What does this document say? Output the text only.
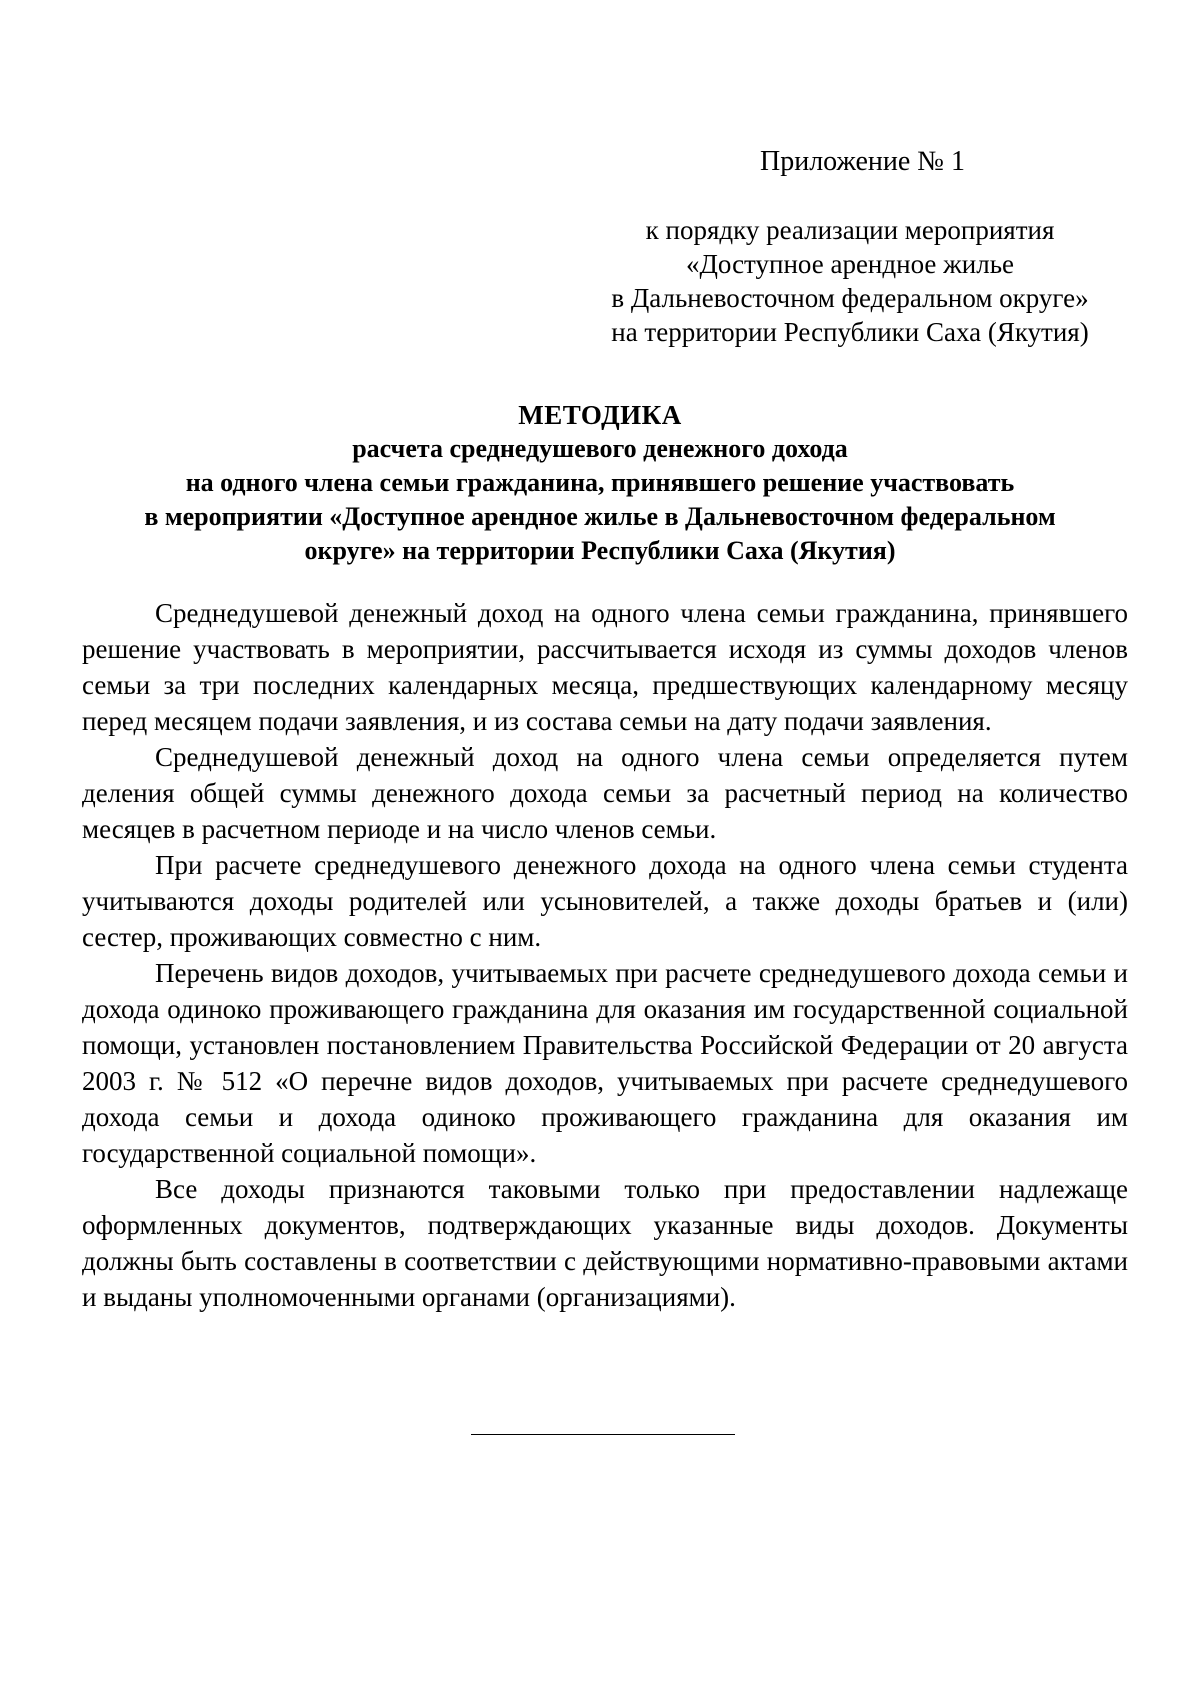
Приложение № 1
к порядку реализации мероприятия
«Доступное арендное жилье
в Дальневосточном федеральном округе»
на территории Республики Саха (Якутия)
МЕТОДИКА
расчета среднедушевого денежного дохода
на одного члена семьи гражданина, принявшего решение участвовать
в мероприятии «Доступное арендное жилье в Дальневосточном федеральном
округе» на территории Республики Саха (Якутия)

Среднедушевой денежный доход на одного члена семьи гражданина, принявшего решение участвовать в мероприятии, рассчитывается исходя из суммы доходов членов семьи за три последних календарных месяца, предшествующих календарному месяцу перед месяцем подачи заявления, и из состава семьи на дату подачи заявления.

Среднедушевой денежный доход на одного члена семьи определяется путем деления общей суммы денежного дохода семьи за расчетный период на количество месяцев в расчетном периоде и на число членов семьи.

При расчете среднедушевого денежного дохода на одного члена семьи студента учитываются доходы родителей или усыновителей, а также доходы братьев и (или) сестер, проживающих совместно с ним.

Перечень видов доходов, учитываемых при расчете среднедушевого дохода семьи и дохода одиноко проживающего гражданина для оказания им государственной социальной помощи, установлен постановлением Правительства Российской Федерации от 20 августа 2003 г. № 512 «О перечне видов доходов, учитываемых при расчете среднедушевого дохода семьи и дохода одиноко проживающего гражданина для оказания им государственной социальной помощи».

Все доходы признаются таковыми только при предоставлении надлежаще оформленных документов, подтверждающих указанные виды доходов. Документы должны быть составлены в соответствии с действующими нормативно-правовыми актами и выданы уполномоченными органами (организациями).
